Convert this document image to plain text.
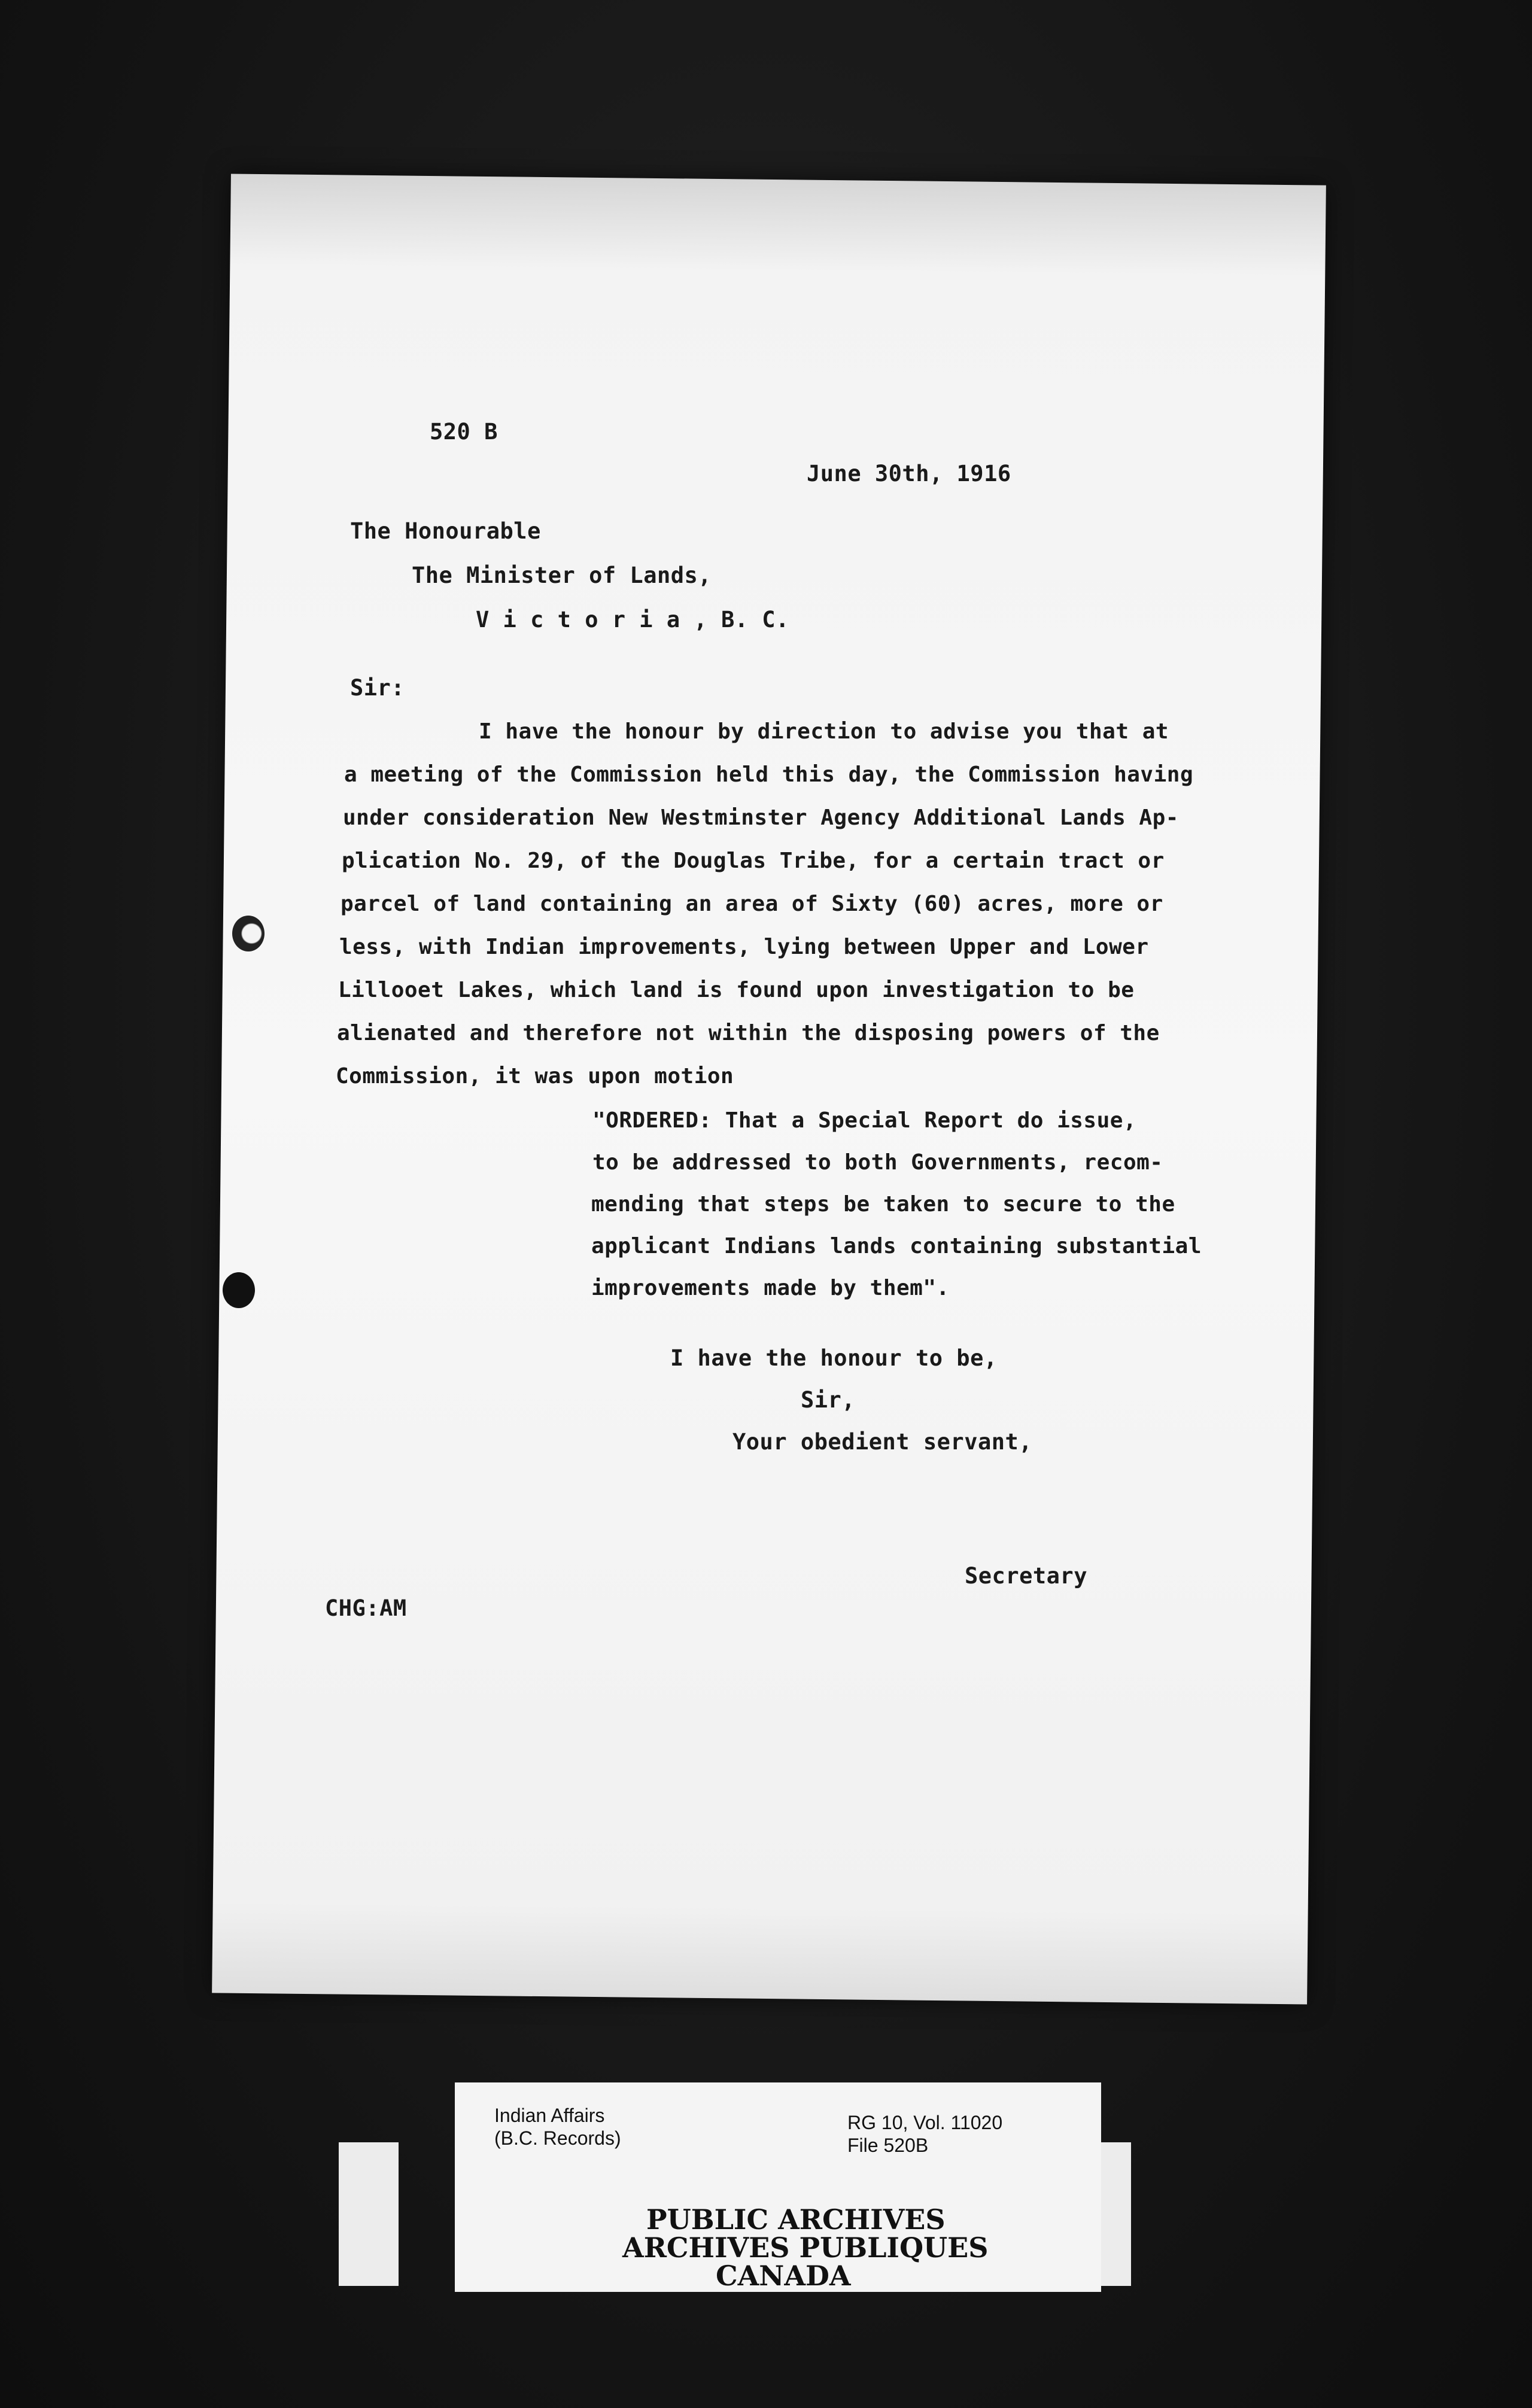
520 B
June 30th, 1916
The Honourable
The Minister of Lands,
V i c t o r i a , B. C.
Sir:
I have the honour by direction to advise you that at
a meeting of the Commission held this day, the Commission having
under consideration New Westminster Agency Additional Lands Ap-
plication No. 29, of the Douglas Tribe, for a certain tract or
parcel of land containing an area of Sixty (60) acres, more or
less, with Indian improvements, lying between Upper and Lower
Lillooet Lakes, which land is found upon investigation to be
alienated and therefore not within the disposing powers of the
Commission, it was upon motion
"ORDERED: That a Special Report do issue,
to be addressed to both Governments, recom-
mending that steps be taken to secure to the
applicant Indians lands containing substantial
improvements made by them".
I have the honour to be,
Sir,
Your obedient servant,
Secretary
CHG:AM
Indian Affairs
(B.C. Records)
RG 10, Vol. 11020
File 520B
PUBLIC ARCHIVES
ARCHIVES PUBLIQUES
CANADA
